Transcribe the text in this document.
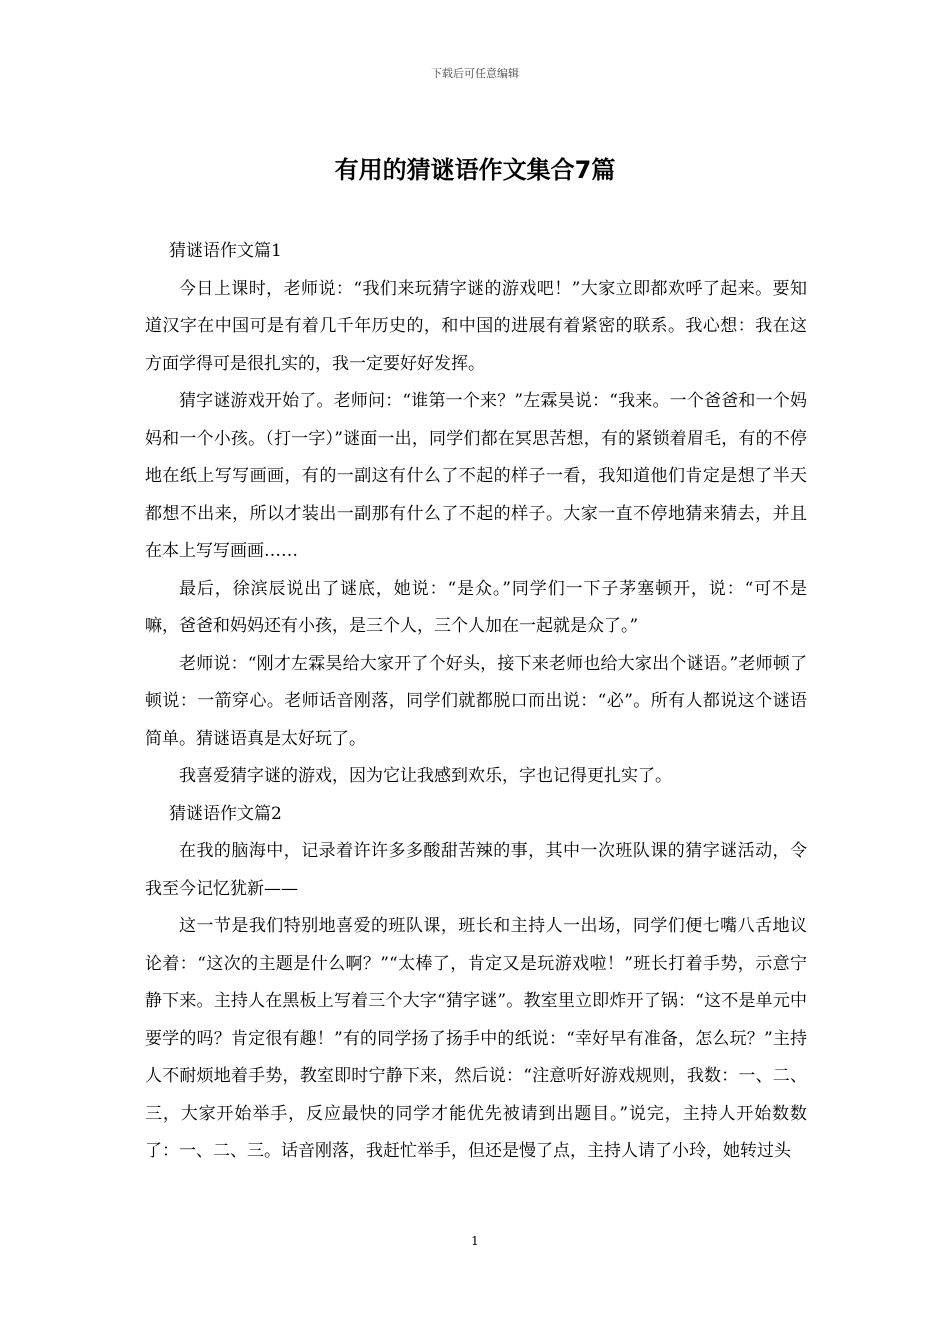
下载后可任意编辑
有用的猜谜语作文集合7篇

猜谜语作文篇1

今日上课时，老师说：“我们来玩猜字谜的游戏吧！”大家立即都欢呼了起来。要知道汉字在中国可是有着几千年历史的，和中国的进展有着紧密的联系。我心想：我在这方面学得可是很扎实的，我一定要好好发挥。

猜字谜游戏开始了。老师问：“谁第一个来？”左霖昊说：“我来。一个爸爸和一个妈妈和一个小孩。（打一字）”谜面一出，同学们都在冥思苦想，有的紧锁着眉毛，有的不停地在纸上写写画画，有的一副这有什么了不起的样子一看，我知道他们肯定是想了半天都想不出来，所以才装出一副那有什么了不起的样子。大家一直不停地猜来猜去，并且在本上写写画画……

最后，徐滨辰说出了谜底，她说：“是众。”同学们一下子茅塞顿开，说：“可不是嘛，爸爸和妈妈还有小孩，是三个人，三个人加在一起就是众了。”

老师说：“刚才左霖昊给大家开了个好头，接下来老师也给大家出个谜语。”老师顿了顿说：一箭穿心。老师话音刚落，同学们就都脱口而出说：“必”。所有人都说这个谜语简单。猜谜语真是太好玩了。

我喜爱猜字谜的游戏，因为它让我感到欢乐，字也记得更扎实了。

猜谜语作文篇2

在我的脑海中，记录着许许多多酸甜苦辣的事，其中一次班队课的猜字谜活动，令我至今记忆犹新——

这一节是我们特别地喜爱的班队课，班长和主持人一出场，同学们便七嘴八舌地议论着：“这次的主题是什么啊？”“太棒了，肯定又是玩游戏啦！”班长打着手势，示意宁静下来。主持人在黑板上写着三个大字“猜字谜”。教室里立即炸开了锅：“这不是单元中要学的吗？肯定很有趣！”有的同学扬了扬手中的纸说：“幸好早有准备，怎么玩？”主持人不耐烦地着手势，教室即时宁静下来，然后说：“注意听好游戏规则，我数：一、二、三，大家开始举手，反应最快的同学才能优先被请到出题目。”说完，主持人开始数数了：一、二、三。话音刚落，我赶忙举手，但还是慢了点，主持人请了小玲，她转过头

1
